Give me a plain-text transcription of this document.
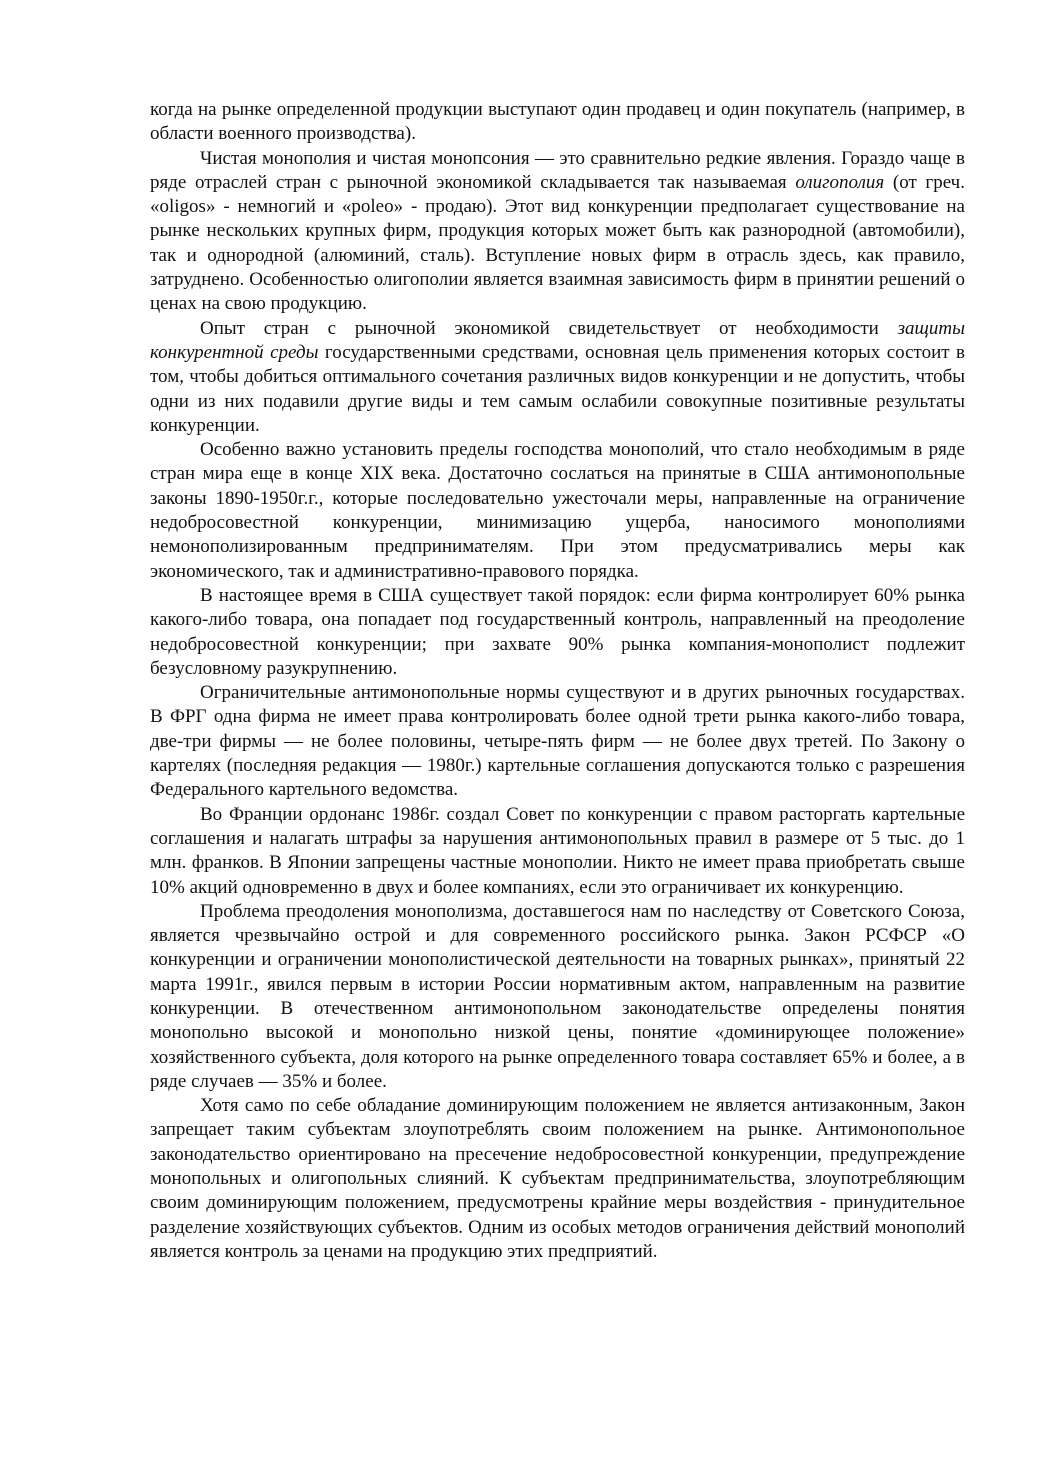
когда на рынке определенной продукции выступают один продавец и один покупатель (например, в области военного производства).

Чистая монополия и чистая монопсония — это сравнительно редкие явления. Гораздо чаще в ряде отраслей стран с рыночной экономикой складывается так называемая олигополия (от греч. «oligos» - немногий и «poleo» - продаю). Этот вид конкуренции предполагает существование на рынке нескольких крупных фирм, продукция которых может быть как разнородной (автомобили), так и однородной (алюминий, сталь). Вступление новых фирм в отрасль здесь, как правило, затруднено. Особенностью олигополии является взаимная зависимость фирм в принятии решений о ценах на свою продукцию.

Опыт стран с рыночной экономикой свидетельствует от необходимости защиты конкурентной среды государственными средствами, основная цель применения которых состоит в том, чтобы добиться оптимального сочетания различных видов конкуренции и не допустить, чтобы одни из них подавили другие виды и тем самым ослабили совокупные позитивные результаты конкуренции.

Особенно важно установить пределы господства монополий, что стало необходимым в ряде стран мира еще в конце XIX века. Достаточно сослаться на принятые в США антимонопольные законы 1890-1950г.г., которые последовательно ужесточали меры, направленные на ограничение недобросовестной конкуренции, минимизацию ущерба, наносимого монополиями немонополизированным предпринимателям. При этом предусматривались меры как экономического, так и административно-правового порядка.

В настоящее время в США существует такой порядок: если фирма контролирует 60% рынка какого-либо товара, она попадает под государственный контроль, направленный на преодоление недобросовестной конкуренции; при захвате 90% рынка компания-монополист подлежит безусловному разукрупнению.

Ограничительные антимонопольные нормы существуют и в других рыночных государствах. В ФРГ одна фирма не имеет права контролировать более одной трети рынка какого-либо товара, две-три фирмы — не более половины, четыре-пять фирм — не более двух третей. По Закону о картелях (последняя редакция — 1980г.) картельные соглашения допускаются только с разрешения Федерального картельного ведомства.

Во Франции ордонанс 1986г. создал Совет по конкуренции с правом расторгать картельные соглашения и налагать штрафы за нарушения антимонопольных правил в размере от 5 тыс. до 1 млн. франков. В Японии запрещены частные монополии. Никто не имеет права приобретать свыше 10% акций одновременно в двух и более компаниях, если это ограничивает их конкуренцию.

Проблема преодоления монополизма, доставшегося нам по наследству от Советского Союза, является чрезвычайно острой и для современного российского рынка. Закон РСФСР «О конкуренции и ограничении монополистической деятельности на товарных рынках», принятый 22 марта 1991г., явился первым в истории России нормативным актом, направленным на развитие конкуренции. В отечественном антимонопольном законодательстве определены понятия монопольно высокой и монопольно низкой цены, понятие «доминирующее положение» хозяйственного субъекта, доля которого на рынке определенного товара составляет 65% и более, а в ряде случаев — 35% и более.

Хотя само по себе обладание доминирующим положением не является антизаконным, Закон запрещает таким субъектам злоупотреблять своим положением на рынке. Антимонопольное законодательство ориентировано на пресечение недобросовестной конкуренции, предупреждение монопольных и олигопольных слияний. К субъектам предпринимательства, злоупотребляющим своим доминирующим положением, предусмотрены крайние меры воздействия - принудительное разделение хозяйствующих субъектов. Одним из особых методов ограничения действий монополий является контроль за ценами на продукцию этих предприятий.
